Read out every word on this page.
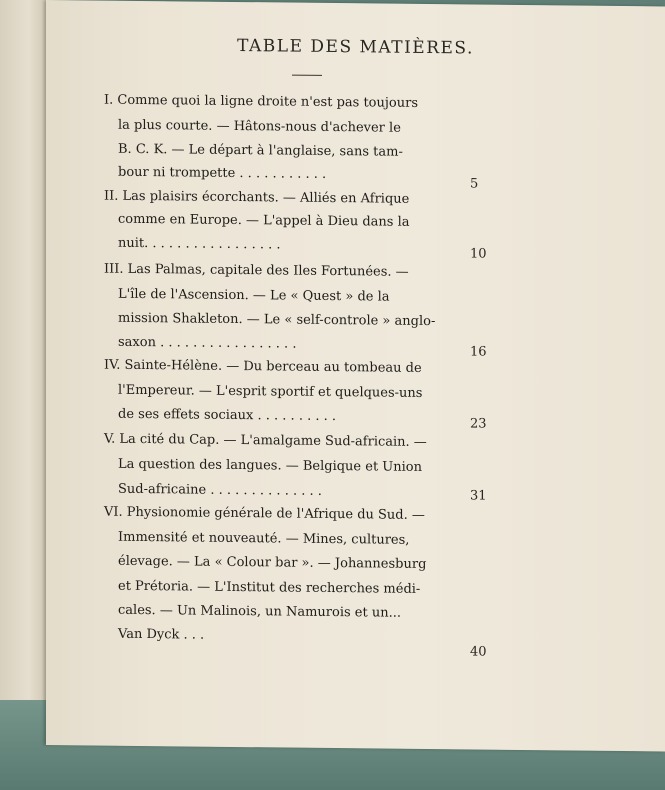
TABLE DES MATIÈRES.
I. Comme quoi la ligne droite n'est pas toujours
la plus courte. — Hâtons-nous d'achever le
B. C. K. — Le départ à l'anglaise, sans tam-
bour ni trompette . . . . . . . . . . .
5
II. Las plaisirs écorchants. — Alliés en Afrique
comme en Europe. — L'appel à Dieu dans la
nuit. . . . . . . . . . . . . . . . .
10
III. Las Palmas, capitale des Iles Fortunées. —
L'île de l'Ascension. — Le « Quest » de la
mission Shakleton. — Le « self-controle » anglo-
saxon . . . . . . . . . . . . . . . . .
16
IV. Sainte-Hélène. — Du berceau au tombeau de
l'Empereur. — L'esprit sportif et quelques-uns
de ses effets sociaux . . . . . . . . . .	23
V. La cité du Cap. — L'amalgame Sud-africain. —
La question des langues. — Belgique et Union
Sud-africaine . . . . . . . . . . . . . .	31
VI. Physionomie générale de l'Afrique du Sud. —
Immensité et nouveauté. — Mines, cultures,
élevage. — La « Colour bar ». — Johannesburg
et Prétoria. — L'Institut des recherches médi-
cales. — Un Malinois, un Namurois et un...
Van Dyck . . .
40
